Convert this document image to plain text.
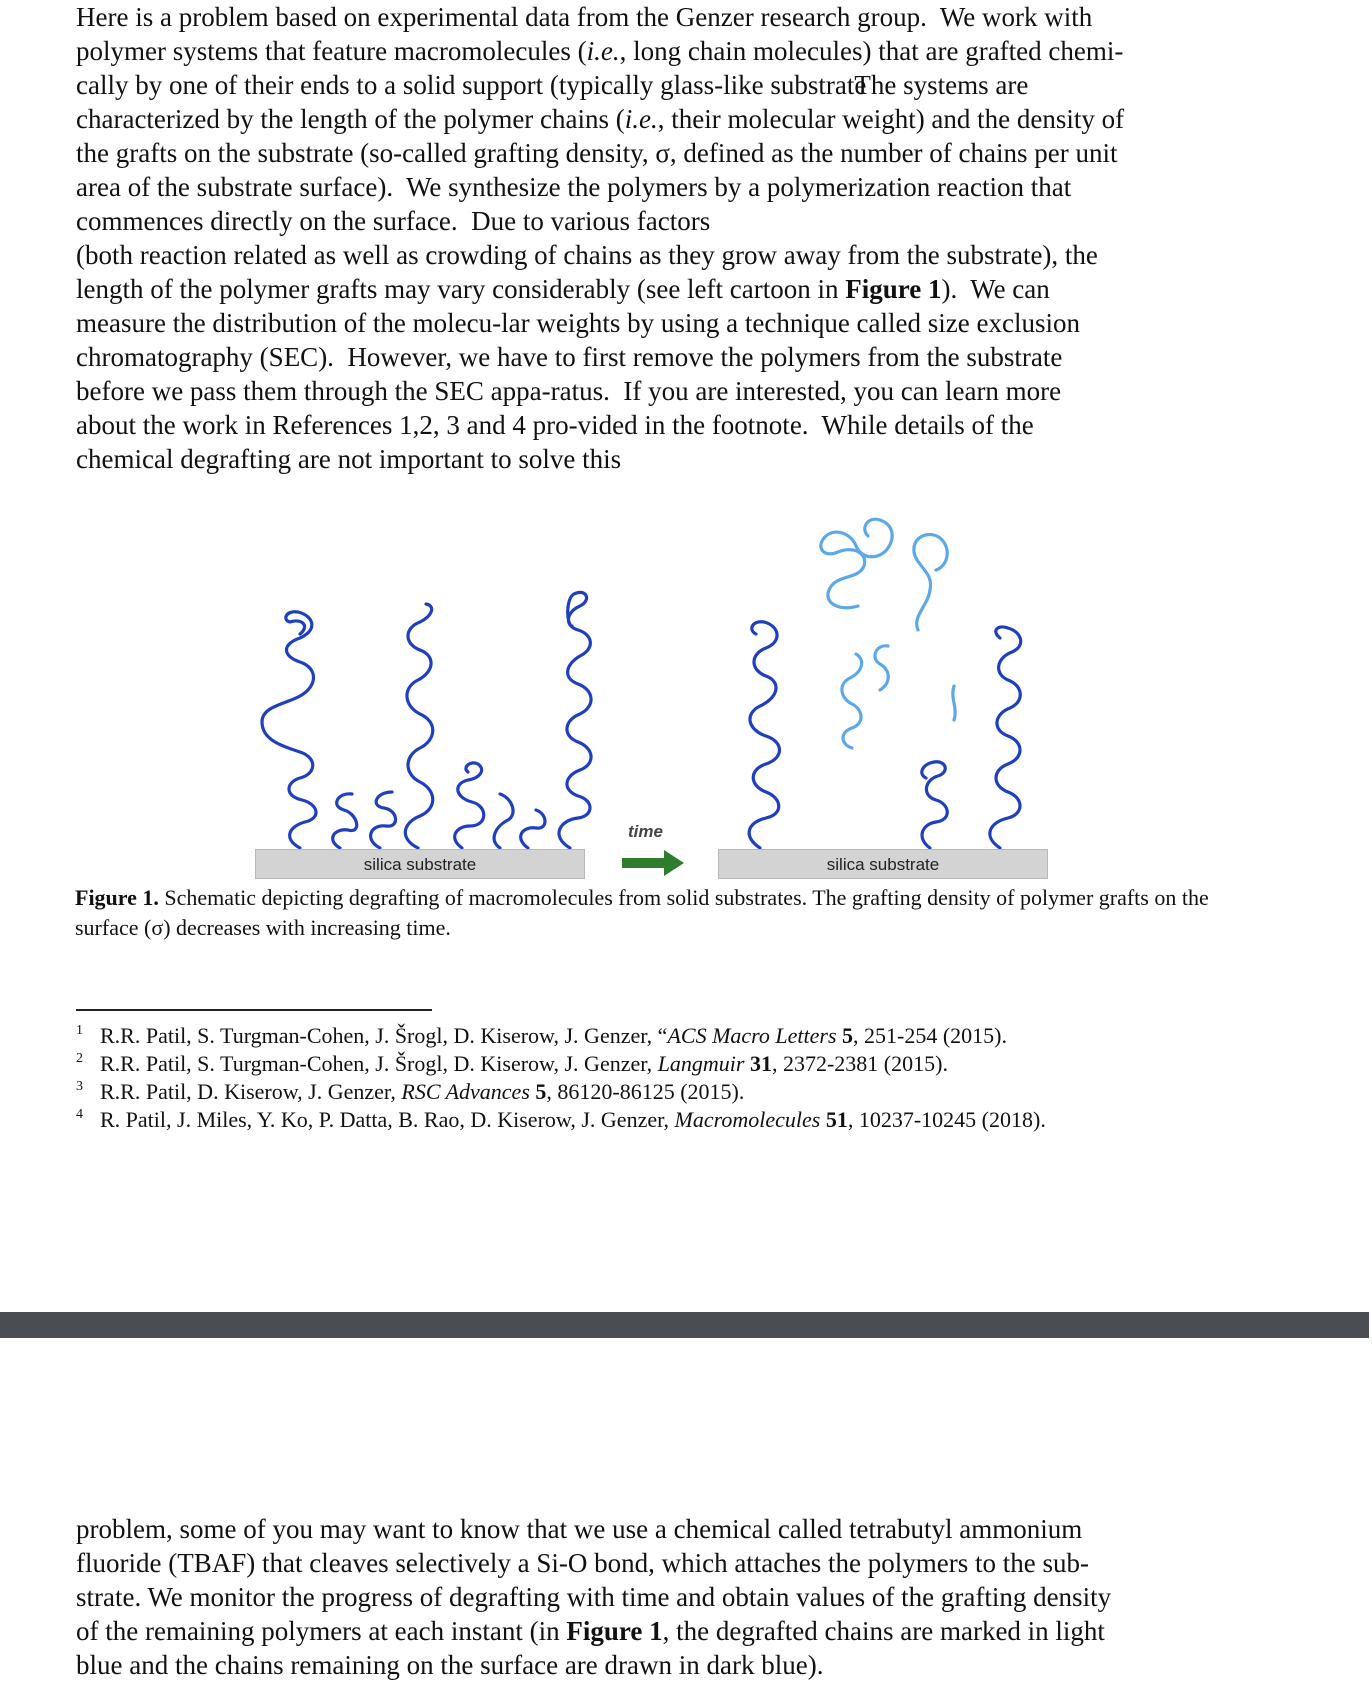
Here is a problem based on experimental data from the Genzer research group.  We work with
polymer systems that feature macromolecules (i.e., long chain molecules) that are grafted chemi-
cally by one of their ends to a solid support (typically glass-like substratThe systems are
characterized by the length of the polymer chains (i.e., their molecular weight) and the density of
the grafts on the substrate (so-called grafting density, σ, defined as the number of chains per unit
area of the substrate surface).  We synthesize the polymers by a polymerization reaction that
commences directly on the surface.  Due to various factors
(both reaction related as well as crowding of chains as they grow away from the substrate), the
length of the polymer grafts may vary considerably (see left cartoon in Figure 1).  We can
measure the distribution of the molecu-lar weights by using a technique called size exclusion
chromatography (SEC).  However, we have to first remove the polymers from the substrate
before we pass them through the SEC appa-ratus.  If you are interested, you can learn more
about the work in References 1,2, 3 and 4 pro-vided in the footnote.  While details of the
chemical degrafting are not important to solve this
silica substrate	silica substrate
time
Figure 1. Schematic depicting degrafting of macromolecules from solid substrates. The grafting density of polymer grafts on the surface (σ) decreases with increasing time.
$^1$ R.R. Patil, S. Turgman-Cohen, J. Šrogl, D. Kiserow, J. Genzer, “ACS Macro Letters 5, 251-254 (2015).
$^2$ R.R. Patil, S. Turgman-Cohen, J. Šrogl, D. Kiserow, J. Genzer, Langmuir 31, 2372-2381 (2015).
$^3$ R.R. Patil, D. Kiserow, J. Genzer, RSC Advances 5, 86120-86125 (2015).
$^4$ R. Patil, J. Miles, Y. Ko, P. Datta, B. Rao, D. Kiserow, J. Genzer, Macromolecules 51, 10237-10245 (2018).
problem, some of you may want to know that we use a chemical called tetrabutyl ammonium
fluoride (TBAF) that cleaves selectively a Si-O bond, which attaches the polymers to the sub-
strate. We monitor the progress of degrafting with time and obtain values of the grafting density
of the remaining polymers at each instant (in Figure 1, the degrafted chains are marked in light
blue and the chains remaining on the surface are drawn in dark blue).
